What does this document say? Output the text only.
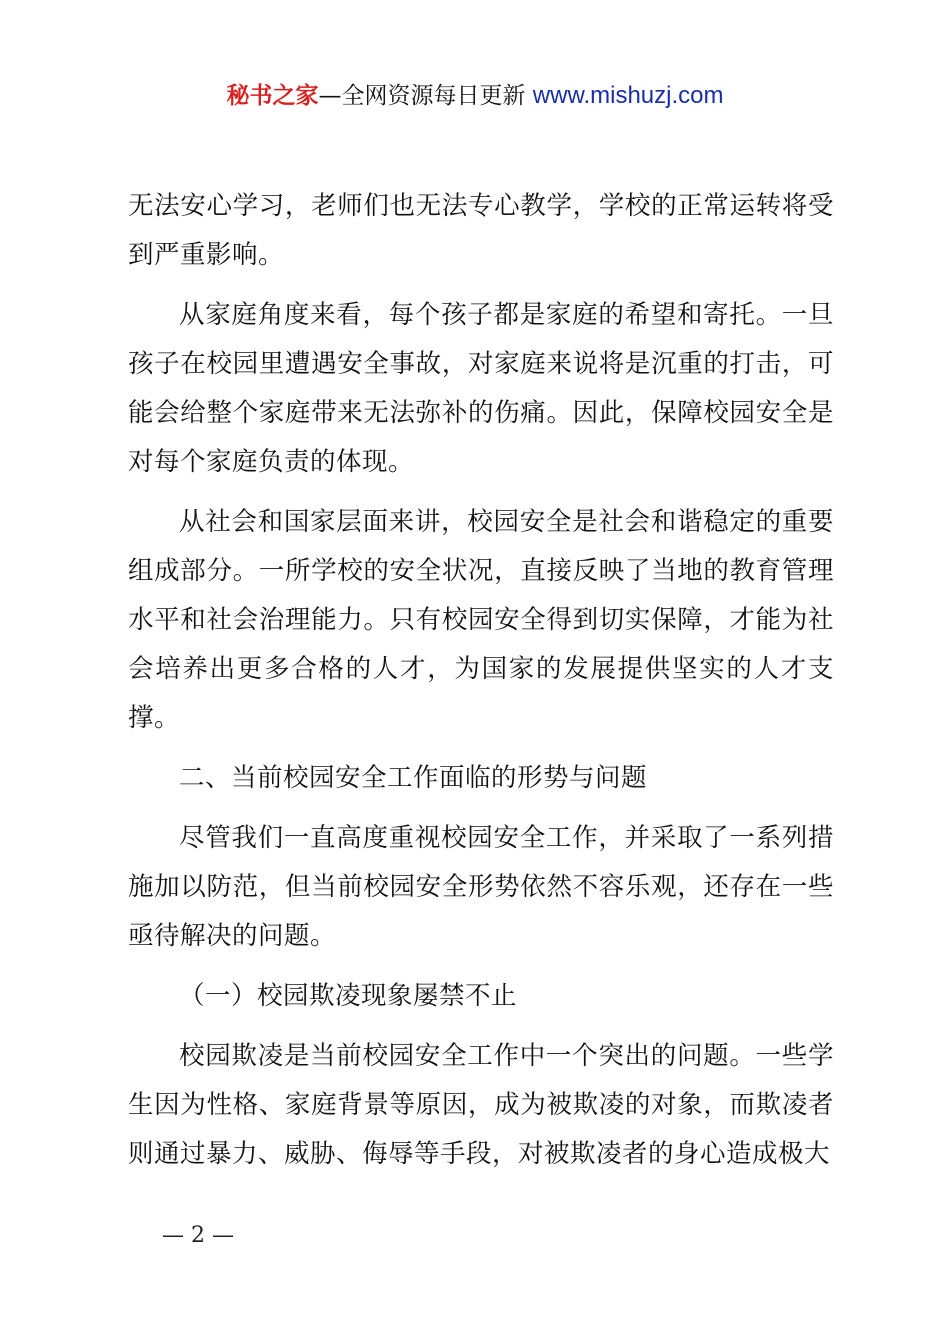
秘书之家—全网资源每日更新 www.mishuzj.com

无法安心学习，老师们也无法专心教学，学校的正常运转将受到严重影响。

从家庭角度来看，每个孩子都是家庭的希望和寄托。一旦孩子在校园里遭遇安全事故，对家庭来说将是沉重的打击，可能会给整个家庭带来无法弥补的伤痛。因此，保障校园安全是对每个家庭负责的体现。

从社会和国家层面来讲，校园安全是社会和谐稳定的重要组成部分。一所学校的安全状况，直接反映了当地的教育管理水平和社会治理能力。只有校园安全得到切实保障，才能为社会培养出更多合格的人才，为国家的发展提供坚实的人才支撑。

二、当前校园安全工作面临的形势与问题

尽管我们一直高度重视校园安全工作，并采取了一系列措施加以防范，但当前校园安全形势依然不容乐观，还存在一些亟待解决的问题。

（一）校园欺凌现象屡禁不止

校园欺凌是当前校园安全工作中一个突出的问题。一些学生因为性格、家庭背景等原因，成为被欺凌的对象，而欺凌者则通过暴力、威胁、侮辱等手段，对被欺凌者的身心造成极大

— 2 —
